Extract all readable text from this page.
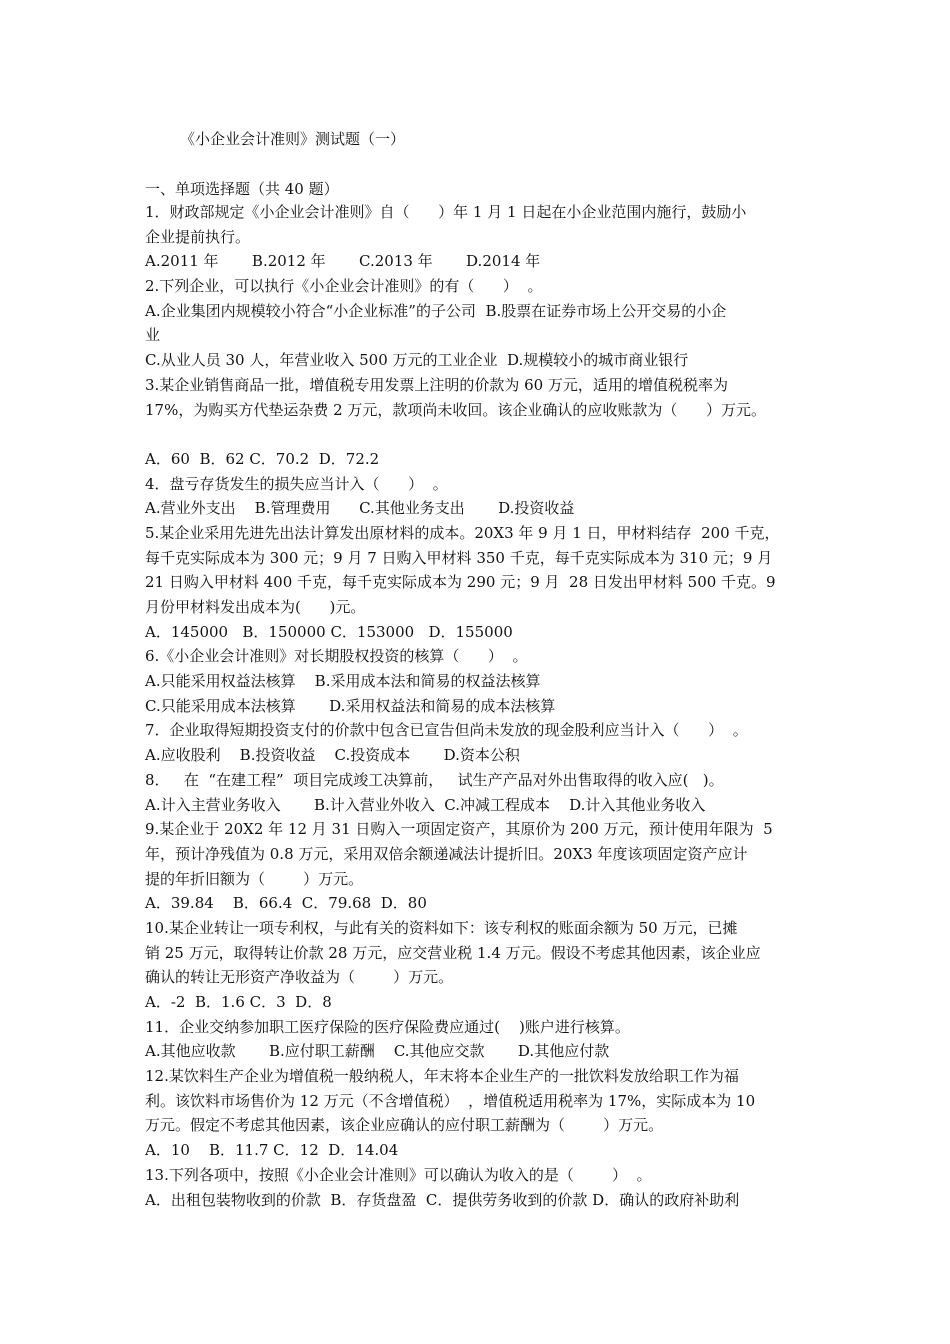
《小企业会计准则》测试题（一）
一、单项选择题（共 40 题）
1．财政部规定《小企业会计准则》自（      ）年 1 月 1 日起在小企业范围内施行，鼓励小
企业提前执行。
A.2011 年       B.2012 年       C.2013 年       D.2014 年
2.下列企业，可以执行《小企业会计准则》的有（      ）  。
A.企业集团内规模较小符合“小企业标准”的子公司  B.股票在证券市场上公开交易的小企
业
C.从业人员 30 人，年营业收入 500 万元的工业企业  D.规模较小的城市商业银行
3.某企业销售商品一批，增值税专用发票上注明的价款为 60 万元，适用的增值税税率为
17%，为购买方代垫运杂费 2 万元，款项尚未收回。该企业确认的应收账款为（      ）万元。
A．60  B．62 C．70.2  D．72.2
4．盘亏存货发生的损失应当计入（      ）  。
A.营业外支出    B.管理费用      C.其他业务支出       D.投资收益
5.某企业采用先进先出法计算发出原材料的成本。20X3 年 9 月 1 日，甲材料结存  200 千克，
每千克实际成本为 300 元；9 月 7 日购入甲材料 350 千克，每千克实际成本为 310 元；9 月
21 日购入甲材料 400 千克，每千克实际成本为 290 元；9 月  28 日发出甲材料 500 千克。9
月份甲材料发出成本为(      )元。
A．145000   B．150000 C．153000   D．155000
6.《小企业会计准则》对长期股权投资的核算（      ）  。
A.只能采用权益法核算    B.采用成本法和简易的权益法核算
C.只能采用成本法核算       D.采用权益法和简易的成本法核算
7．企业取得短期投资支付的价款中包含已宣告但尚未发放的现金股利应当计入（      ）  。
A.应收股利    B.投资收益    C.投资成本       D.资本公积
8．   在  “在建工程”  项目完成竣工决算前，   试生产产品对外出售取得的收入应(   )。
A.计入主营业务收入       B.计入营业外收入  C.冲减工程成本    D.计入其他业务收入
9.某企业于 20X2 年 12 月 31 日购入一项固定资产，其原价为 200 万元，预计使用年限为  5
年，预计净残值为 0.8 万元，采用双倍余额递减法计提折旧。20X3 年度该项固定资产应计
提的年折旧额为（        ）万元。
A．39.84    B．66.4  C．79.68  D．80
10.某企业转让一项专利权，与此有关的资料如下：该专利权的账面余额为 50 万元，已摊
销 25 万元，取得转让价款 28 万元，应交营业税 1.4 万元。假设不考虑其他因素，该企业应
确认的转让无形资产净收益为（        ）万元。
A．-2  B．1.6 C．3  D．8
11．企业交纳参加职工医疗保险的医疗保险费应通过(    )账户进行核算。
A.其他应收款       B.应付职工薪酬    C.其他应交款       D.其他应付款
12.某饮料生产企业为增值税一般纳税人，年末将本企业生产的一批饮料发放给职工作为福
利。该饮料市场售价为 12 万元（不含增值税）  ，增值税适用税率为 17%，实际成本为 10
万元。假定不考虑其他因素，该企业应确认的应付职工薪酬为（        ）万元。
A．10    B．11.7 C．12  D．14.04
13.下列各项中，按照《小企业会计准则》可以确认为收入的是（        ）  。
A．出租包装物收到的价款  B．存货盘盈  C．提供劳务收到的价款 D．确认的政府补助利
